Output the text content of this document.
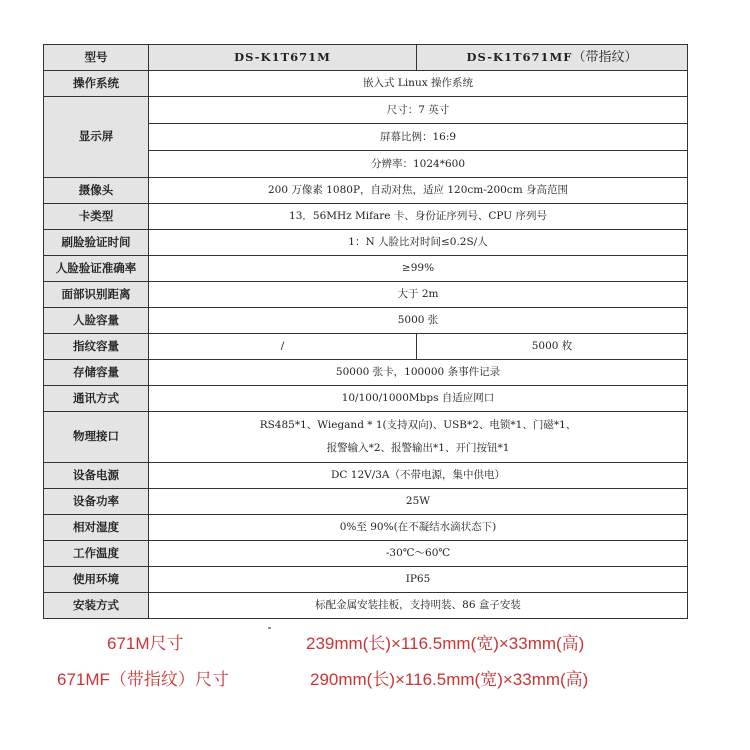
型号	DS-K1T671M	DS-K1T671MF（带指纹）
操作系统	嵌入式 Linux 操作系统	
显示屏	尺寸：7 英寸	
	屏幕比例：16:9	
	分辨率：1024*600	
摄像头	200 万像素 1080P，自动对焦，适应 120cm-200cm 身高范围	
卡类型	13．56MHz Mifare 卡、身份证序列号、CPU 序列号	
刷脸验证时间	1：N 人脸比对时间≤0.2S/人	
人脸验证准确率	≥99%	
面部识别距离	大于 2m	
人脸容量	5000 张	
指纹容量	/	5000 枚
存储容量	50000 张卡，100000 条事件记录	
通讯方式	10/100/1000Mbps 自适应网口	
物理接口	RS485*1、Wiegand * 1(支持双向)、USB*2、电锁*1、门磁*1、
报警输入*2、报警输出*1、开门按钮*1	

设备电源	DC 12V/3A（不带电源，集中供电）	
设备功率	25W	
相对湿度	0%至 90%(在不凝结水滴状态下)	
工作温度	-30℃～60℃	
使用环境	IP65	
安装方式	标配金属安装挂板，支持明装、86 盒子安装	
671M尺寸	239mm(长)×116.5mm(宽)×33mm(高)
671MF（带指纹）尺寸	290mm(长)×116.5mm(宽)×33mm(高)
